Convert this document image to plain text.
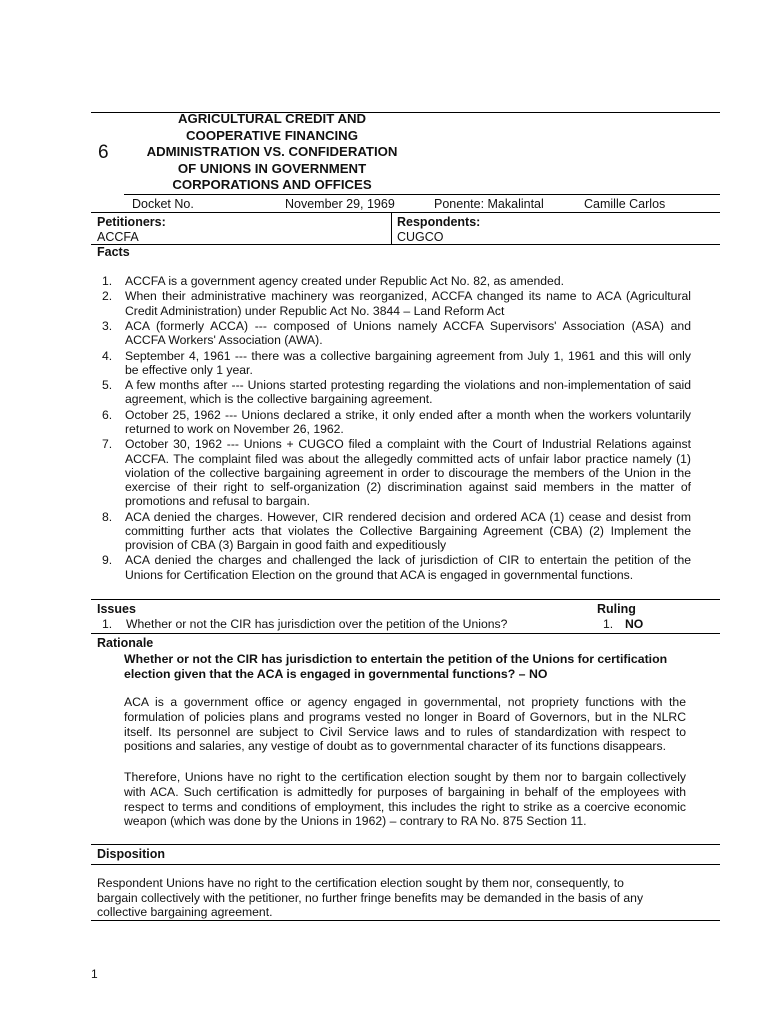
6
AGRICULTURAL CREDIT AND
COOPERATIVE FINANCING
ADMINISTRATION VS. CONFIDERATION
OF UNIONS IN GOVERNMENT
CORPORATIONS AND OFFICES
Docket No.	November 29, 1969	Ponente: Makalintal	Camille Carlos
Petitioners:
ACCFA
Respondents:
CUGCO
Facts
1. ACCFA is a government agency created under Republic Act No. 82, as amended.
2. When their administrative machinery was reorganized, ACCFA changed its name to ACA (Agricultural Credit Administration) under Republic Act No. 3844 – Land Reform Act
3. ACA (formerly ACCA) --- composed of Unions namely ACCFA Supervisors' Association (ASA) and ACCFA Workers' Association (AWA).
4. September 4, 1961 --- there was a collective bargaining agreement from July 1, 1961 and this will only be effective only 1 year.
5. A few months after --- Unions started protesting regarding the violations and non-implementation of said agreement, which is the collective bargaining agreement.
6. October 25, 1962 --- Unions declared a strike, it only ended after a month when the workers voluntarily returned to work on November 26, 1962.
7. October 30, 1962 --- Unions + CUGCO filed a complaint with the Court of Industrial Relations against ACCFA. The complaint filed was about the allegedly committed acts of unfair labor practice namely (1) violation of the collective bargaining agreement in order to discourage the members of the Union in the exercise of their right to self-organization (2) discrimination against said members in the matter of promotions and refusal to bargain.
8. ACA denied the charges. However, CIR rendered decision and ordered ACA (1) cease and desist from committing further acts that violates the Collective Bargaining Agreement (CBA) (2) Implement the provision of CBA (3) Bargain in good faith and expeditiously
9. ACA denied the charges and challenged the lack of jurisdiction of CIR to entertain the petition of the Unions for Certification Election on the ground that ACA is engaged in governmental functions.
Issues	Ruling
1. Whether or not the CIR has jurisdiction over the petition of the Unions?	1. NO
Rationale
Whether or not the CIR has jurisdiction to entertain the petition of the Unions for certification election given that the ACA is engaged in governmental functions? – NO
ACA is a government office or agency engaged in governmental, not propriety functions with the formulation of policies plans and programs vested no longer in Board of Governors, but in the NLRC itself. Its personnel are subject to Civil Service laws and to rules of standardization with respect to positions and salaries, any vestige of doubt as to governmental character of its functions disappears.
Therefore, Unions have no right to the certification election sought by them nor to bargain collectively with ACA. Such certification is admittedly for purposes of bargaining in behalf of the employees with respect to terms and conditions of employment, this includes the right to strike as a coercive economic weapon (which was done by the Unions in 1962) – contrary to RA No. 875 Section 11.
Disposition
Respondent Unions have no right to the certification election sought by them nor, consequently, to bargain collectively with the petitioner, no further fringe benefits may be demanded in the basis of any collective bargaining agreement.
1
